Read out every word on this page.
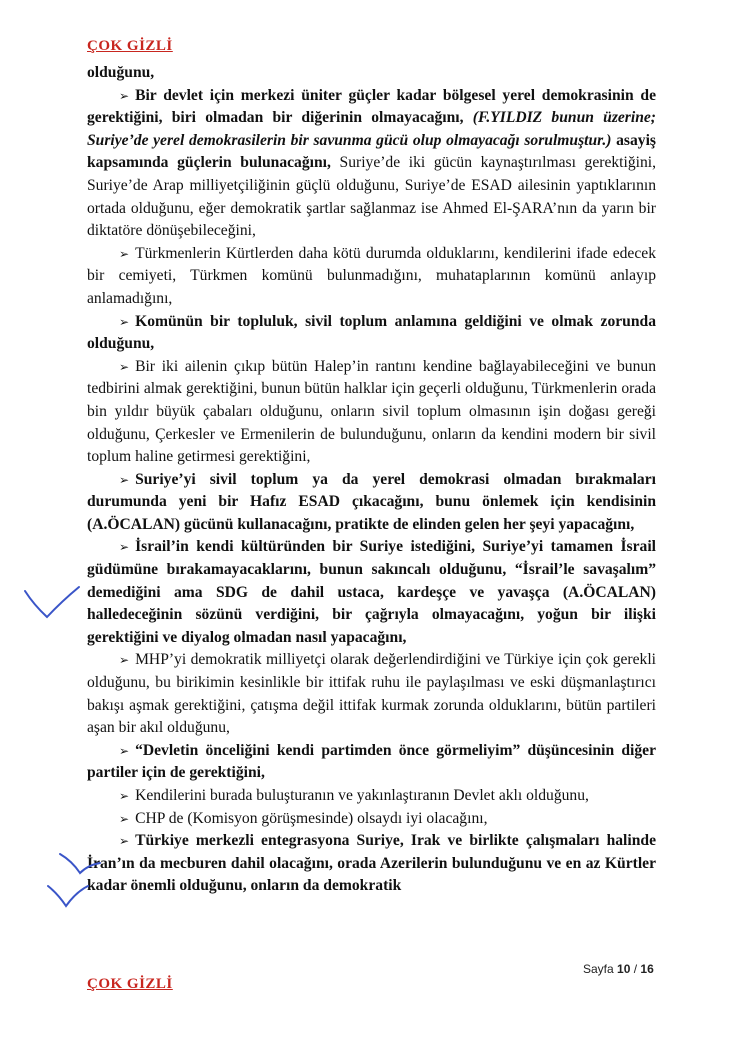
ÇOK GİZLİ

olduğunu,

➢ Bir devlet için merkezi üniter güçler kadar bölgesel yerel demokrasinin de gerektiğini, biri olmadan bir diğerinin olmayacağını, (F.YILDIZ bunun üzerine; Suriye’de yerel demokrasilerin bir savunma gücü olup olmayacağı sorulmuştur.) asayiş kapsamında güçlerin bulunacağını, Suriye’de iki gücün kaynaştırılması gerektiğini, Suriye’de Arap milliyetçiliğinin güçlü olduğunu, Suriye’de ESAD ailesinin yaptıklarının ortada olduğunu, eğer demokratik şartlar sağlanmaz ise Ahmed El-ŞARA’nın da yarın bir diktatöre dönüşebileceğini,

➢ Türkmenlerin Kürtlerden daha kötü durumda olduklarını, kendilerini ifade edecek bir cemiyeti, Türkmen komünü bulunmadığını, muhataplarının komünü anlayıp anlamadığını,

➢ Komünün bir topluluk, sivil toplum anlamına geldiğini ve olmak zorunda olduğunu,

➢ Bir iki ailenin çıkıp bütün Halep’in rantını kendine bağlayabileceğini ve bunun tedbirini almak gerektiğini, bunun bütün halklar için geçerli olduğunu, Türkmenlerin orada bin yıldır büyük çabaları olduğunu, onların sivil toplum olmasının işin doğası gereği olduğunu, Çerkesler ve Ermenilerin de bulunduğunu, onların da kendini modern bir sivil toplum haline getirmesi gerektiğini,

➢ Suriye’yi sivil toplum ya da yerel demokrasi olmadan bırakmaları durumunda yeni bir Hafız ESAD çıkacağını, bunu önlemek için kendisinin (A.ÖCALAN) gücünü kullanacağını, pratikte de elinden gelen her şeyi yapacağını,

➢ İsrail’in kendi kültüründen bir Suriye istediğini, Suriye’yi tamamen İsrail güdümüne bırakamayacaklarını, bunun sakıncalı olduğunu, “İsrail’le savaşalım” demediğini ama SDG de dahil ustaca, kardeşçe ve yavaşça (A.ÖCALAN) halledeceğinin sözünü verdiğini, bir çağrıyla olmayacağını, yoğun bir ilişki gerektiğini ve diyalog olmadan nasıl yapacağını,

➢ MHP’yi demokratik milliyetçi olarak değerlendirdiğini ve Türkiye için çok gerekli olduğunu, bu birikimin kesinlikle bir ittifak ruhu ile paylaşılması ve eski düşmanlaştırıcı bakışı aşmak gerektiğini, çatışma değil ittifak kurmak zorunda olduklarını, bütün partileri aşan bir akıl olduğunu,

➢ “Devletin önceliğini kendi partimden önce görmeliyim” düşüncesinin diğer partiler için de gerektiğini,

➢ Kendilerini burada buluşturanın ve yakınlaştıranın Devlet aklı olduğunu,

➢ CHP de (Komisyon görüşmesinde) olsaydı iyi olacağını,

➢ Türkiye merkezli entegrasyona Suriye, Irak ve birlikte çalışmaları halinde İran’ın da mecburen dahil olacağını, orada Azerilerin bulunduğunu ve en az Kürtler kadar önemli olduğunu, onların da demokratik

Sayfa 10 / 16
ÇOK GİZLİ
